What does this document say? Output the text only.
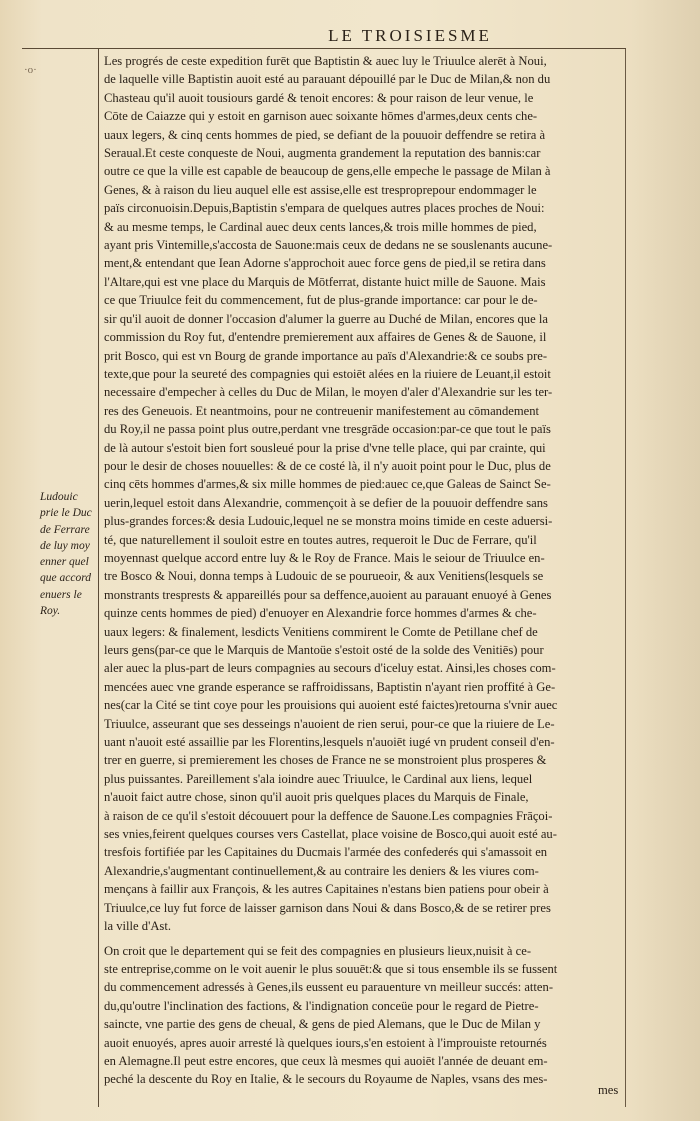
LE TROISIESME
·o·
Ludouic
prie le Duc
de Ferrare
de luy moy
enner quel
que accord
enuers le
Roy.
Les progrés de ceste expedition furēt que Baptistin & auec luy le Triuulce alerēt à Noui,
de laquelle ville Baptistin auoit esté au parauant dépouillé par le Duc de Milan,& non du
Chasteau qu'il auoit tousiours gardé & tenoit encores: & pour raison de leur venue, le
Cōte de Caiazze qui y estoit en garnison auec soixante hōmes d'armes,deux cents che-
uaux legers, & cinq cents hommes de pied, se defiant de la pouuoir deffendre se retira à
Seraual.Et ceste conqueste de Noui, augmenta grandement la reputation des bannis:car
outre ce que la ville est capable de beaucoup de gens,elle empeche le passage de Milan à
Genes, & à raison du lieu auquel elle est assise,elle est tresproprepour endommager le
païs circonuoisin.Depuis,Baptistin s'empara de quelques autres places proches de Noui:
& au mesme temps, le Cardinal auec deux cents lances,& trois mille hommes de pied,
ayant pris Vintemille,s'accosta de Sauone:mais ceux de dedans ne se souslenants aucune-
ment,& entendant que Iean Adorne s'approchoit auec force gens de pied,il se retira dans
l'Altare,qui est vne place du Marquis de Mōtferrat, distante huict mille de Sauone. Mais
ce que Triuulce feit du commencement, fut de plus-grande importance: car pour le de-
sir qu'il auoit de donner l'occasion d'alumer la guerre au Duché de Milan, encores que la
commission du Roy fut, d'entendre premierement aux affaires de Genes & de Sauone, il
prit Bosco, qui est vn Bourg de grande importance au païs d'Alexandrie:& ce soubs pre-
texte,que pour la seureté des compagnies qui estoiēt alées en la riuiere de Leuant,il estoit
necessaire d'empecher à celles du Duc de Milan, le moyen d'aler d'Alexandrie sur les ter-
res des Geneuois. Et neantmoins, pour ne contreuenir manifestement au cōmandement
du Roy,il ne passa point plus outre,perdant vne tresgrāde occasion:par-ce que tout le païs
de là autour s'estoit bien fort sousleué pour la prise d'vne telle place, qui par crainte, qui
pour le desir de choses nouuelles: & de ce costé là, il n'y auoit point pour le Duc, plus de
cinq cēts hommes d'armes,& six mille hommes de pied:auec ce,que Galeas de Sainct Se-
uerin,lequel estoit dans Alexandrie, commençoit à se defier de la pouuoir deffendre sans
plus-grandes forces:& desia Ludouic,lequel ne se monstra moins timide en ceste aduersi-
té, que naturellement il souloit estre en toutes autres, requeroit le Duc de Ferrare, qu'il
moyennast quelque accord entre luy & le Roy de France. Mais le seiour de Triuulce en-
tre Bosco & Noui, donna temps à Ludouic de se pourueoir, & aux Venitiens(lesquels se
monstrants tresprests & appareillés pour sa deffence,auoient au parauant enuoyé à Genes
quinze cents hommes de pied) d'enuoyer en Alexandrie force hommes d'armes & che-
uaux legers: & finalement, lesdicts Venitiens commirent le Comte de Petillane chef de
leurs gens(par-ce que le Marquis de Mantoüe s'estoit osté de la solde des Venitiēs) pour
aler auec la plus-part de leurs compagnies au secours d'iceluy estat. Ainsi,les choses com-
mencées auec vne grande esperance se raffroidissans, Baptistin n'ayant rien proffité à Ge-
nes(car la Cité se tint coye pour les prouisions qui auoient esté faictes)retourna s'vnir auec
Triuulce, asseurant que ses desseings n'auoient de rien serui, pour-ce que la riuiere de Le-
uant n'auoit esté assaillie par les Florentins,lesquels n'auoiēt iugé vn prudent conseil d'en-
trer en guerre, si premierement les choses de France ne se monstroient plus prosperes &
plus puissantes. Pareillement s'ala ioindre auec Triuulce, le Cardinal aux liens, lequel
n'auoit faict autre chose, sinon qu'il auoit pris quelques places du Marquis de Finale,
à raison de ce qu'il s'estoit découuert pour la deffence de Sauone.Les compagnies Frāçoi-
ses vnies,feirent quelques courses vers Castellat, place voisine de Bosco,qui auoit esté au-
tresfois fortifiée par les Capitaines du Ducmais l'armée des confederés qui s'amassoit en
Alexandrie,s'augmentant continuellement,& au contraire les deniers & les viures com-
mençans à faillir aux François, & les autres Capitaines n'estans bien patiens pour obeir à
Triuulce,ce luy fut force de laisser garnison dans Noui & dans Bosco,& de se retirer pres
la ville d'Ast.
On croit que le departement qui se feit des compagnies en plusieurs lieux,nuisit à ce-
ste entreprise,comme on le voit auenir le plus souuēt:& que si tous ensemble ils se fussent
du commencement adressés à Genes,ils eussent eu parauenture vn meilleur succés: atten-
du,qu'outre l'inclination des factions, & l'indignation conceüe pour le regard de Pietre-
saincte, vne partie des gens de cheual, & gens de pied Alemans, que le Duc de Milan y
auoit enuoyés, apres auoir arresté là quelques iours,s'en estoient à l'improuiste retournés
en Alemagne.Il peut estre encores, que ceux là mesmes qui auoiēt l'année de deuant em-
peché la descente du Roy en Italie, & le secours du Royaume de Naples, vsans des mes-
mes
